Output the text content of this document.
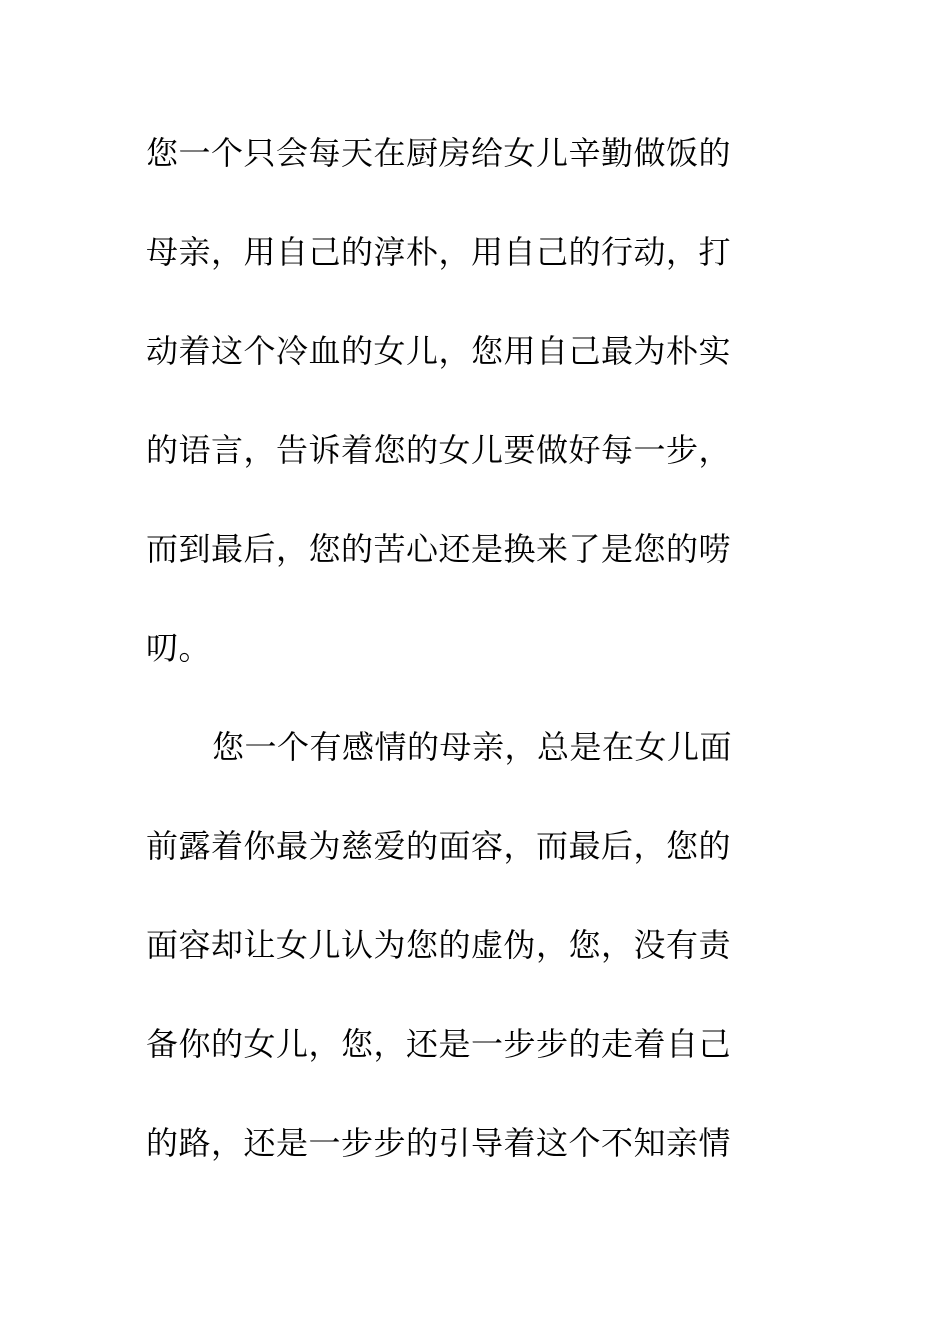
您一个只会每天在厨房给女儿辛勤做饭的
母亲，用自己的淳朴，用自己的行动，打
动着这个冷血的女儿，您用自己最为朴实
的语言，告诉着您的女儿要做好每一步，
而到最后，您的苦心还是换来了是您的唠
叨。
您一个有感情的母亲，总是在女儿面
前露着你最为慈爱的面容，而最后，您的
面容却让女儿认为您的虚伪，您，没有责
备你的女儿，您，还是一步步的走着自己
的路，还是一步步的引导着这个不知亲情
